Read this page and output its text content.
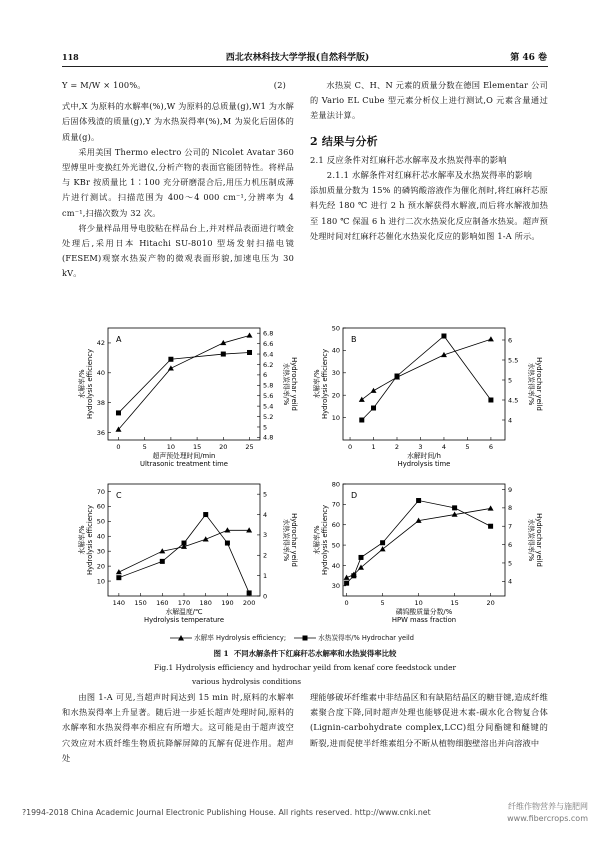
118	西北农林科技大学学报(自然科学版)	第 46 卷

Y = M/W × 100%。	(2)

式中,X 为原料的水解率(%),W 为原料的总质量(g),W1 为水解后固体残渣的质量(g),Y 为水热炭得率(%),M 为炭化后固体的质量(g)。

采用美国 Thermo electro 公司的 Nicolet Avatar 360 型傅里叶变换红外光谱仪,分析产物的表面官能团特性。将样品与 KBr 按质量比 1∶100 充分研磨混合后,用压力机压制成薄片进行测试。扫描范围为 400～4 000 cm⁻¹,分辨率为 4 cm⁻¹,扫描次数为 32 次。

将少量样品用导电胶粘在样品台上,并对样品表面进行喷金处理后,采用日本 Hitachi SU-8010 型场发射扫描电镜(FESEM)观察水热炭产物的微观表面形貌,加速电压为 30 kV。

水热炭 C、H、N 元素的质量分数在德国 Elementar 公司的 Vario EL Cube 型元素分析仪上进行测试,O 元素含量通过差量法计算。

2 结果与分析

2.1 反应条件对红麻秆芯水解率及水热炭得率的影响

2.1.1 水解条件对红麻秆芯水解率及水热炭得率的影响

添加质量分数为 15% 的磷钨酸溶液作为催化剂时,将红麻秆芯原料先经 180 ℃ 进行 2 h 预水解获得水解液,而后将水解液加热至 180 ℃ 保温 6 h 进行二次水热炭化反应制备水热炭。超声预处理时间对红麻秆芯催化水热炭化反应的影响如图 1-A 所示。

A
0	5	10	15	20	25
36
38
40
42
4.8
5
5.2
5.4
5.6
5.8
6
6.2
6.4
6.6
6.8
超声预处理时间/min
Ultrasonic treatment time
水解率/% Hydrolysis efficiency	水热炭得率/% Hydrochar yeild
B
0	1	2	3	4	5	6
10
20
30
40
50
4
4.5
5
5.5
6
水解时间/h
Hydrolysis time
水解率/% Hydrolysis efficiency	水热炭得率/% Hydrochar yeild
C
140 150 160 170 180 190 200
10
20
30
40
50
60
70
0
1
2
3
4
5
水解温度/℃
Hydrolysis temperature
水解率/% Hydrolysis efficiency	水热炭得率/% Hydrochar yeild
D
0	5	10	15	20
30
40
50
60
70
80
4
5
6
7
8
9
磷钨酸质量分数/%
HPW mass fraction
水解率/% Hydrolysis efficiency	水热炭得率/% Hydrochar yeild
水解率 Hydrolysis efficiency;	水热炭得率/% Hydrochar yeild
图 1 不同水解条件下红麻秆芯水解率和水热炭得率比较
Fig.1 Hydrolysis efficiency and hydrochar yeild from kenaf core feedstock under
various hydrolysis conditions

由图 1-A 可见,当超声时间达到 15 min 时,原料的水解率和水热炭得率上升显著。随后进一步延长超声处理时间,原料的水解率和水热炭得率亦相应有所增大。这可能是由于超声波空穴效应对木质纤维生物质抗降解屏障的瓦解有促进作用。超声处

理能够破坏纤维素中非结晶区和有缺陷结晶区的糖苷键,造成纤维素聚合度下降,同时超声处理也能够促进木素-碳水化合物复合体(Lignin-carbohydrate complex,LCC)组分间酯键和醚键的断裂,进而促使半纤维素组分不断从植物细胞壁溶出并向溶液中

?1994-2018 China Academic Journal Electronic Publishing House. All rights reserved. http://www.cnki.net
纤维作物营养与施肥网 www.fibercrops.com
